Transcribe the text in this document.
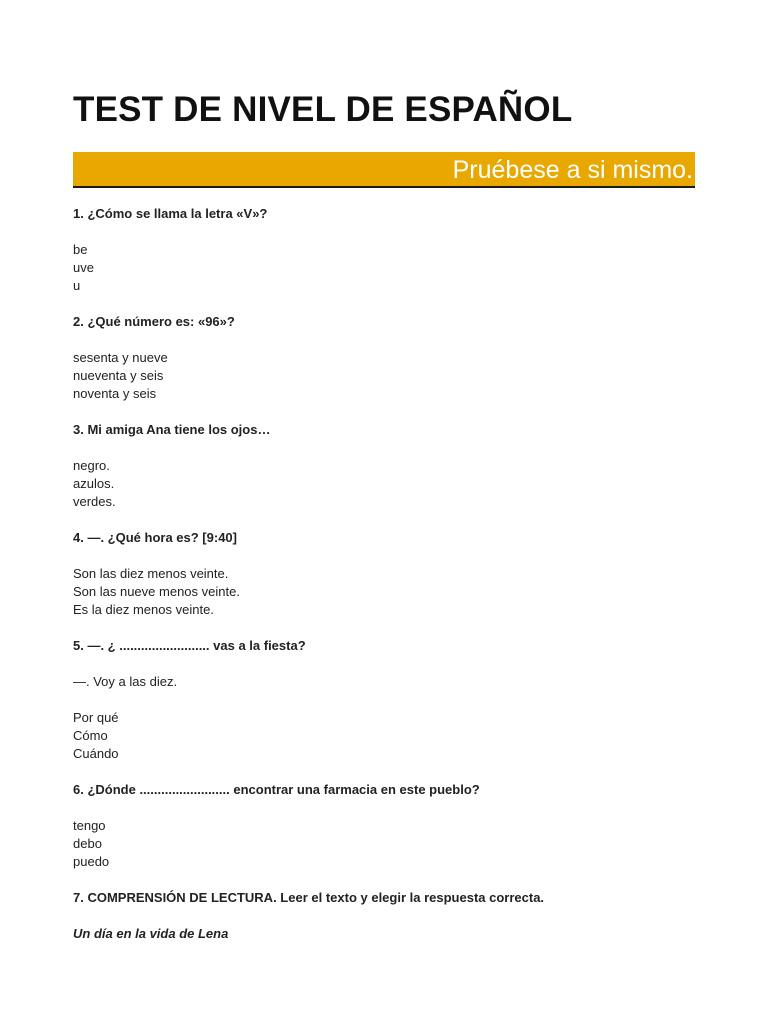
TEST DE NIVEL DE ESPAÑOL
Pruébese a si mismo.
1. ¿Cómo se llama la letra «V»?
be
uve
u
2. ¿Qué número es: «96»?
sesenta y nueve
nueventa y seis
noventa y seis
3. Mi amiga Ana tiene los ojos…
negro.
azulos.
verdes.
4. —. ¿Qué hora es? [9:40]
Son las diez menos veinte.
Son las nueve menos veinte.
Es la diez menos veinte.
5. —. ¿ ......................... vas a la fiesta?
—. Voy a las diez.
Por qué
Cómo
Cuándo
6. ¿Dónde ......................... encontrar una farmacia en este pueblo?
tengo
debo
puedo
7. COMPRENSIÓN DE LECTURA. Leer el texto y elegir la respuesta correcta.
Un día en la vida de Lena
